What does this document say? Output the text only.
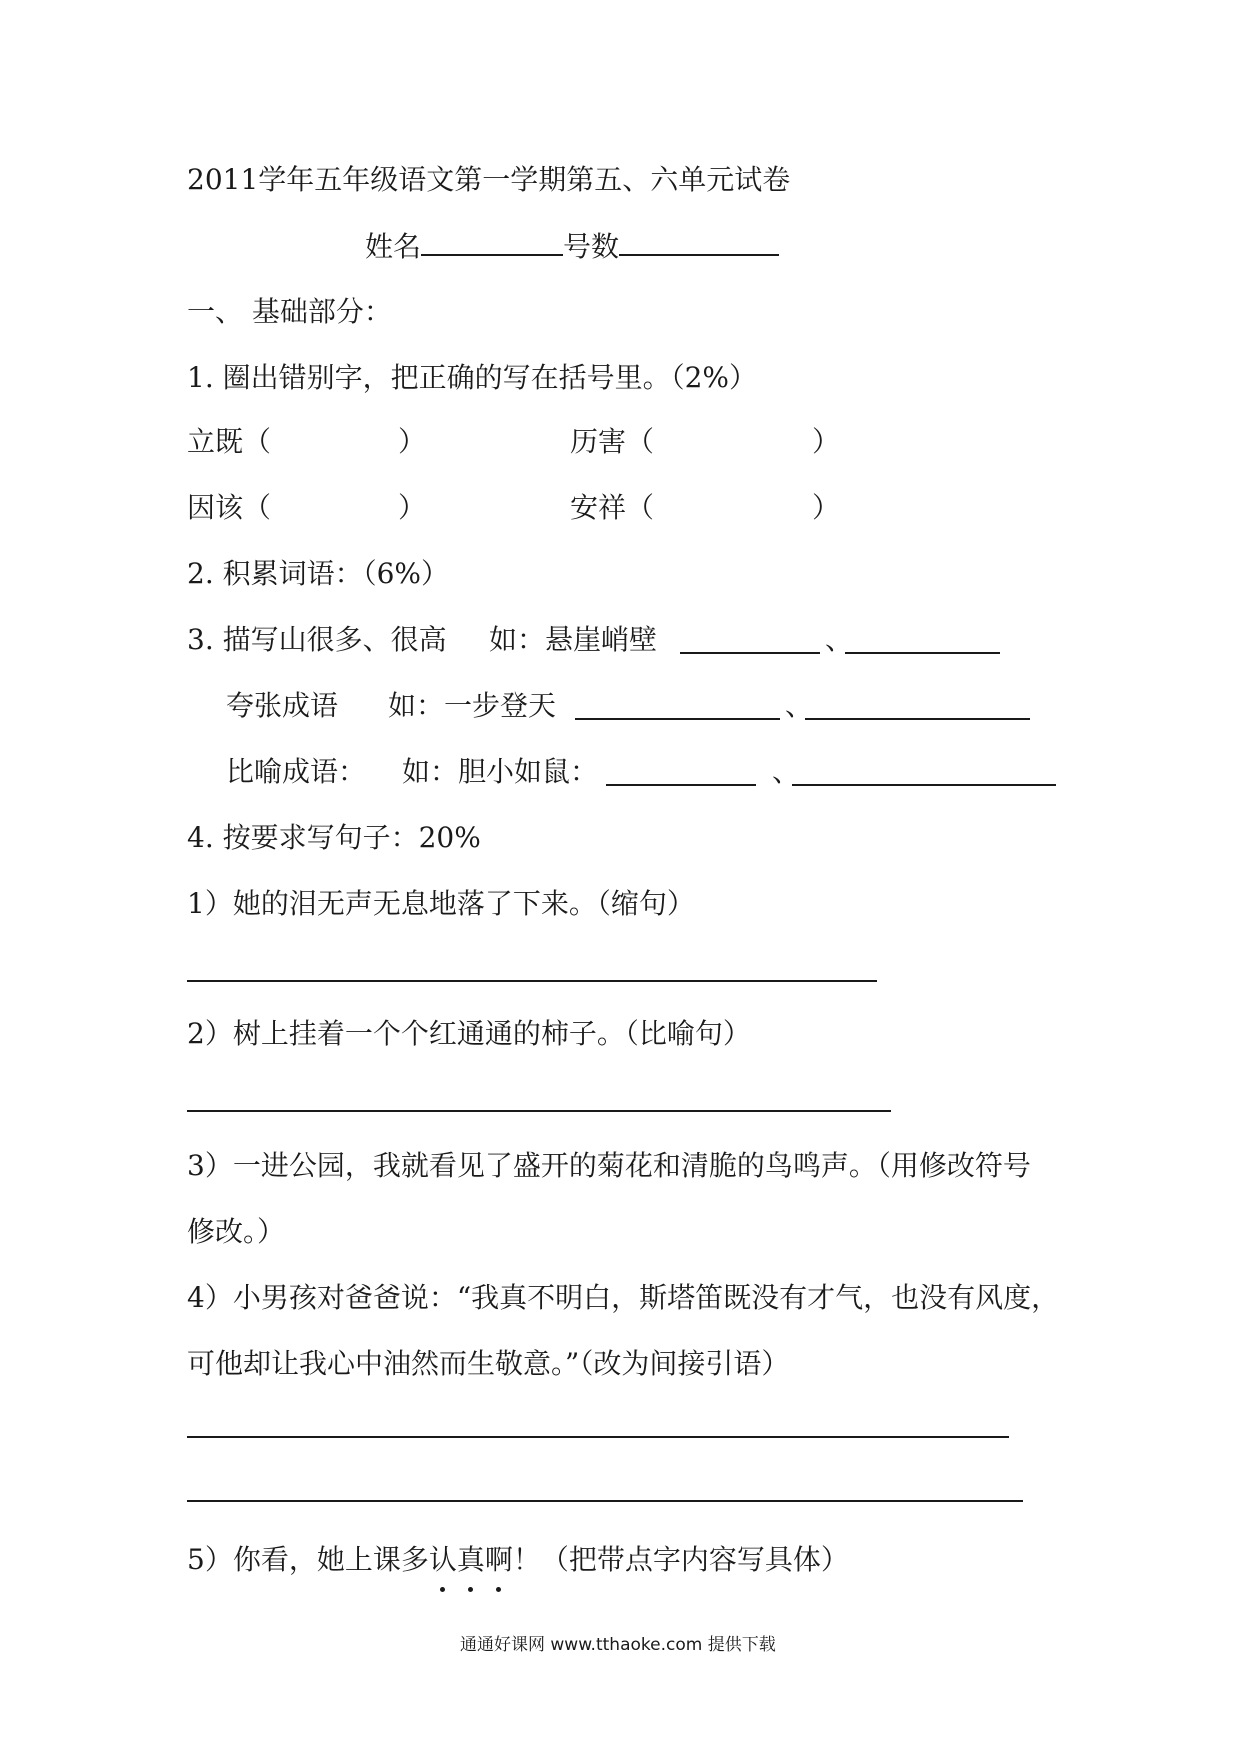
2011学年五年级语文第一学期第五、六单元试卷
姓名	号数
一、 基础部分：
1. 圈出错别字，把正确的写在括号里。（2%）
立既（	）	历害（	）
因该（	）	安祥（	）
2. 积累词语：（6%）
3. 描写山很多、很高 如：悬崖峭壁	、
夸张成语 如：一步登天	、
比喻成语： 如：胆小如鼠：	、
4. 按要求写句子：20%
1）她的泪无声无息地落了下来。（缩句）
2）树上挂着一个个红通通的柿子。（比喻句）
3）一进公园，我就看见了盛开的菊花和清脆的鸟鸣声。（用修改符号
修改。）
4）小男孩对爸爸说：“我真不明白，斯塔笛既没有才气，也没有风度，
可他却让我心中油然而生敬意。”（改为间接引语）
5）你看，她上课多认真啊！（把带点字内容写具体）
通通好课网 www.tthaoke.com 提供下载
